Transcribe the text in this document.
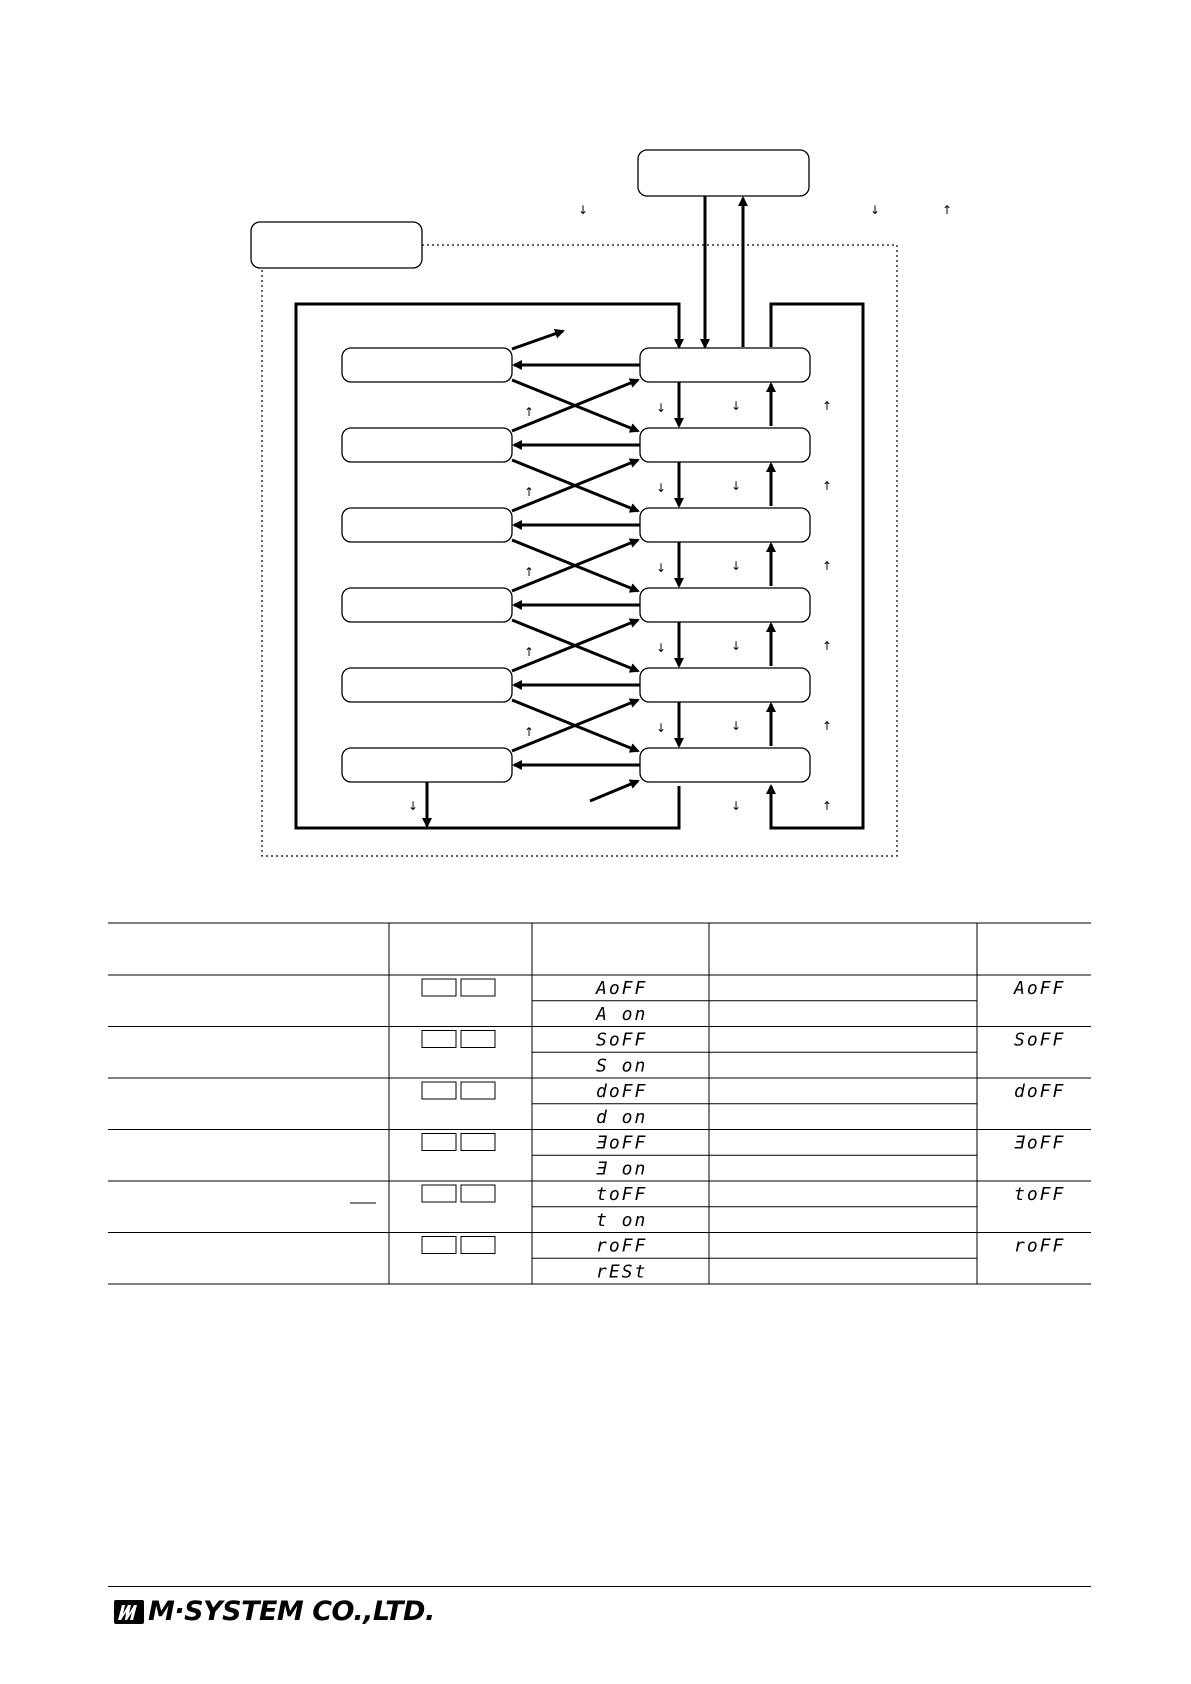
↓	↓	↑
↑
↑
↑
↑
↑
↓
↓
↓
↓
↓
↓
↓
↓
↓
↓
↓
↑
↑
↑
↑
↑
↑
↓
AoFF
A on
AoFF
SoFF
S on
SoFF
doFF
d on
doFF
ƎoFF
Ǝ on
ƎoFF
toFF
t on
toFF
roFF
rESt
roFF
M·SYSTEM CO.,LTD.
